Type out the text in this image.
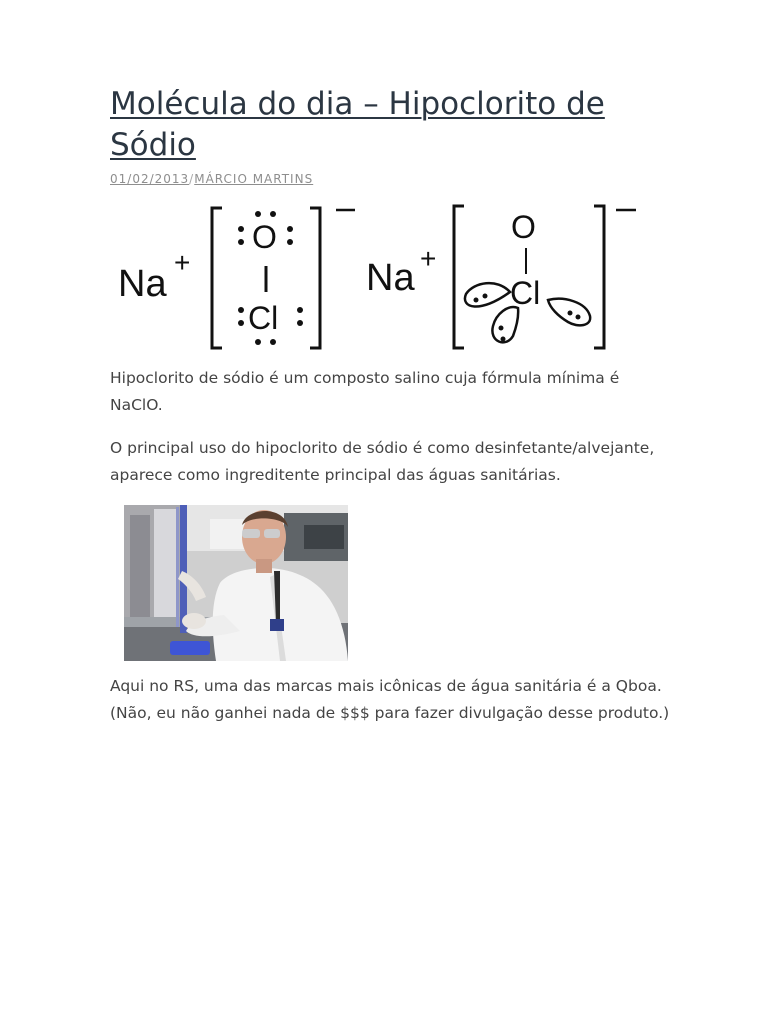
Molécula do dia – Hipoclorito de Sódio
01/02/2013/MÁRCIO MARTINS
Na
+
O
Cl
Na +
O
Cl

Hipoclorito de sódio é um composto salino cuja fórmula mínima é NaClO.

O principal uso do hipoclorito de sódio é como desinfetante/alvejante, aparece como ingreditente principal das águas sanitárias.

Aqui no RS, uma das marcas mais icônicas de água sanitária é a Qboa. (Não, eu não ganhei nada de $$$ para fazer divulgação desse produto.)
